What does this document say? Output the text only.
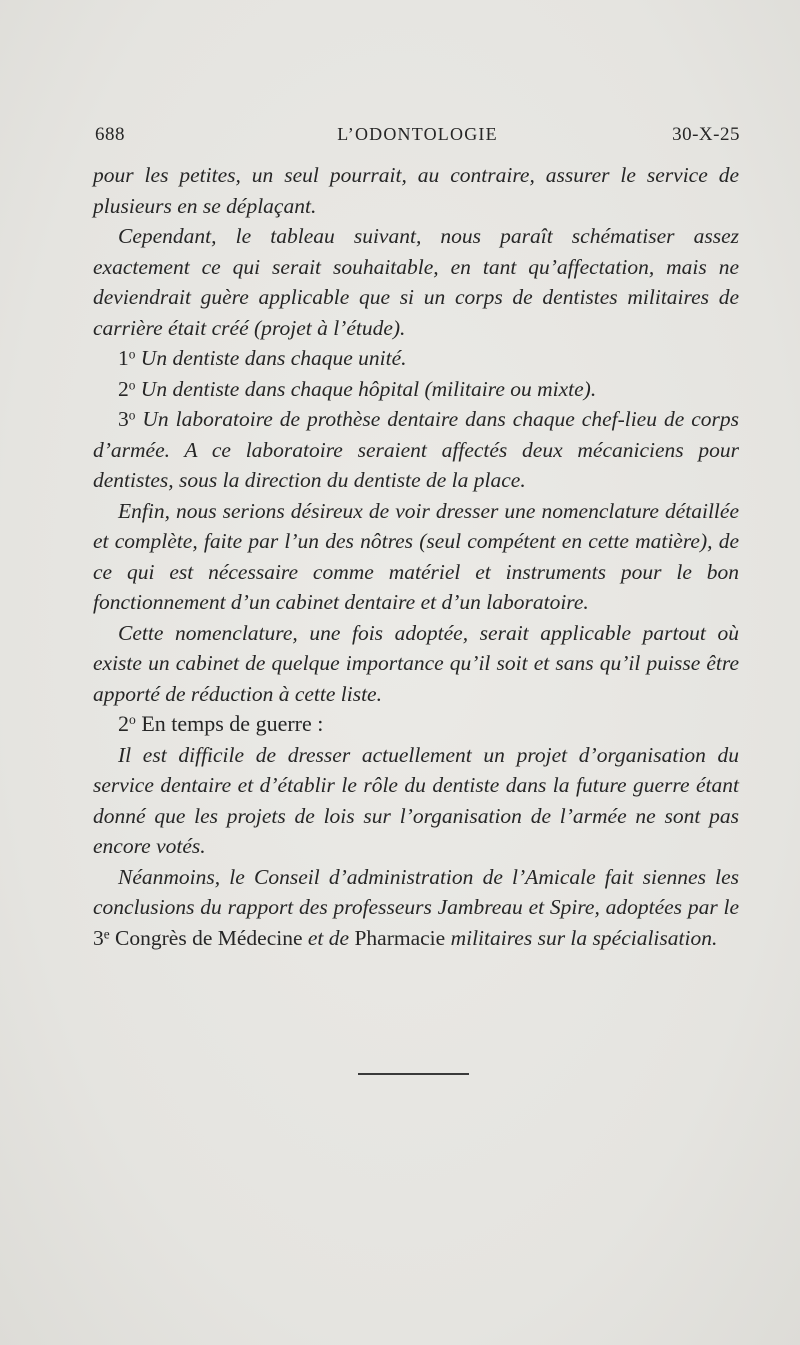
688	L’ODONTOLOGIE	30-X-25

pour les petites, un seul pourrait, au contraire, assurer le service de plusieurs en se déplaçant.

Cependant, le tableau suivant, nous paraît schématiser assez exactement ce qui serait souhaitable, en tant qu’affectation, mais ne deviendrait guère applicable que si un corps de dentistes militaires de carrière était créé (projet à l’étude).

1$^o$ Un dentiste dans chaque unité.

2$^o$ Un dentiste dans chaque hôpital (militaire ou mixte).

3$^o$ Un laboratoire de prothèse dentaire dans chaque chef-lieu de corps d’armée. A ce laboratoire seraient affectés deux mécaniciens pour dentistes, sous la direction du dentiste de la place.

Enfin, nous serions désireux de voir dresser une nomenclature détaillée et complète, faite par l’un des nôtres (seul compétent en cette matière), de ce qui est nécessaire comme matériel et instruments pour le bon fonctionnement d’un cabinet dentaire et d’un laboratoire.

Cette nomenclature, une fois adoptée, serait applicable partout où existe un cabinet de quelque importance qu’il soit et sans qu’il puisse être apporté de réduction à cette liste.

2$^o$ En temps de guerre :

Il est difficile de dresser actuellement un projet d’organisation du service dentaire et d’établir le rôle du dentiste dans la future guerre étant donné que les projets de lois sur l’organisation de l’armée ne sont pas encore votés.

Néanmoins, le Conseil d’administration de l’Amicale fait siennes les conclusions du rapport des professeurs Jambreau et Spire, adoptées par le 3e Congrès de Médecine et de Pharmacie militaires sur la spécialisation.
